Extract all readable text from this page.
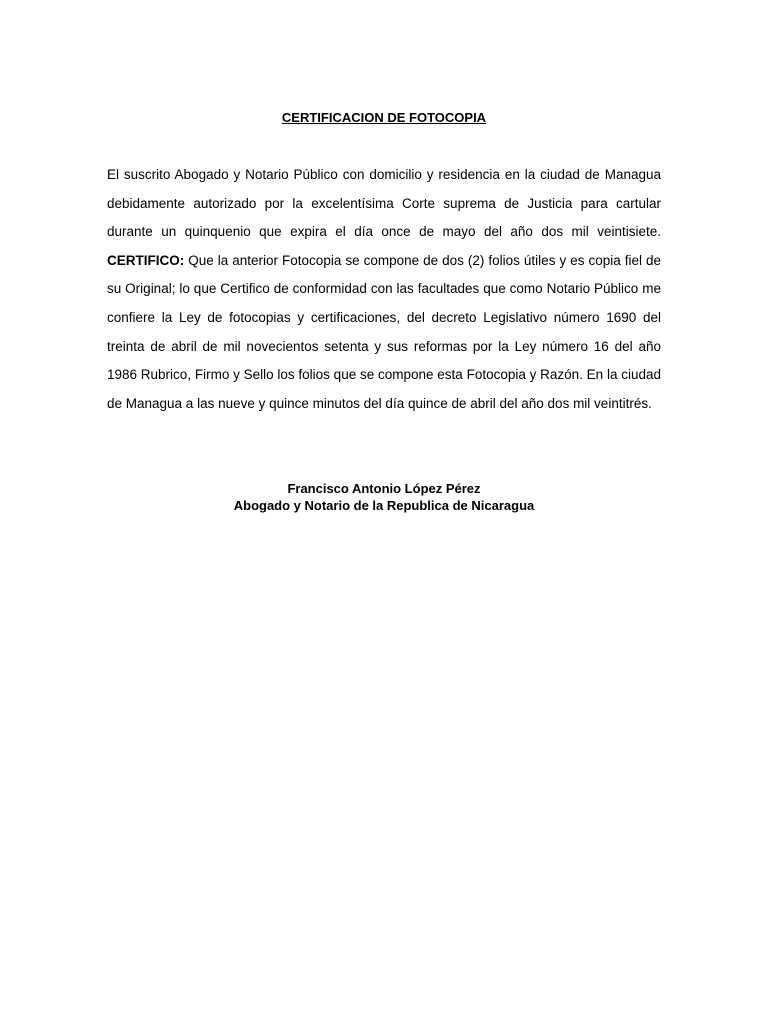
CERTIFICACION DE FOTOCOPIA

El suscrito Abogado y Notario Público con domicilio y residencia en la ciudad de Managua debidamente autorizado por la excelentísima Corte suprema de Justicia para cartular durante un quinquenio que expira el día once de mayo del año dos mil veintisiete. CERTIFICO: Que la anterior Fotocopia se compone de dos (2) folios útiles y es copia fiel de su Original; lo que Certifico de conformidad con las facultades que como Notario Público me confiere la Ley de fotocopias y certificaciones, del decreto Legislativo número 1690 del treinta de abril de mil novecientos setenta y sus reformas por la Ley número 16 del año 1986 Rubrico, Firmo y Sello los folios que se compone esta Fotocopia y Razón. En la ciudad de Managua a las nueve y quince minutos del día quince de abril del año dos mil veintitrés.

Francisco Antonio López Pérez
Abogado y Notario de la Republica de Nicaragua
